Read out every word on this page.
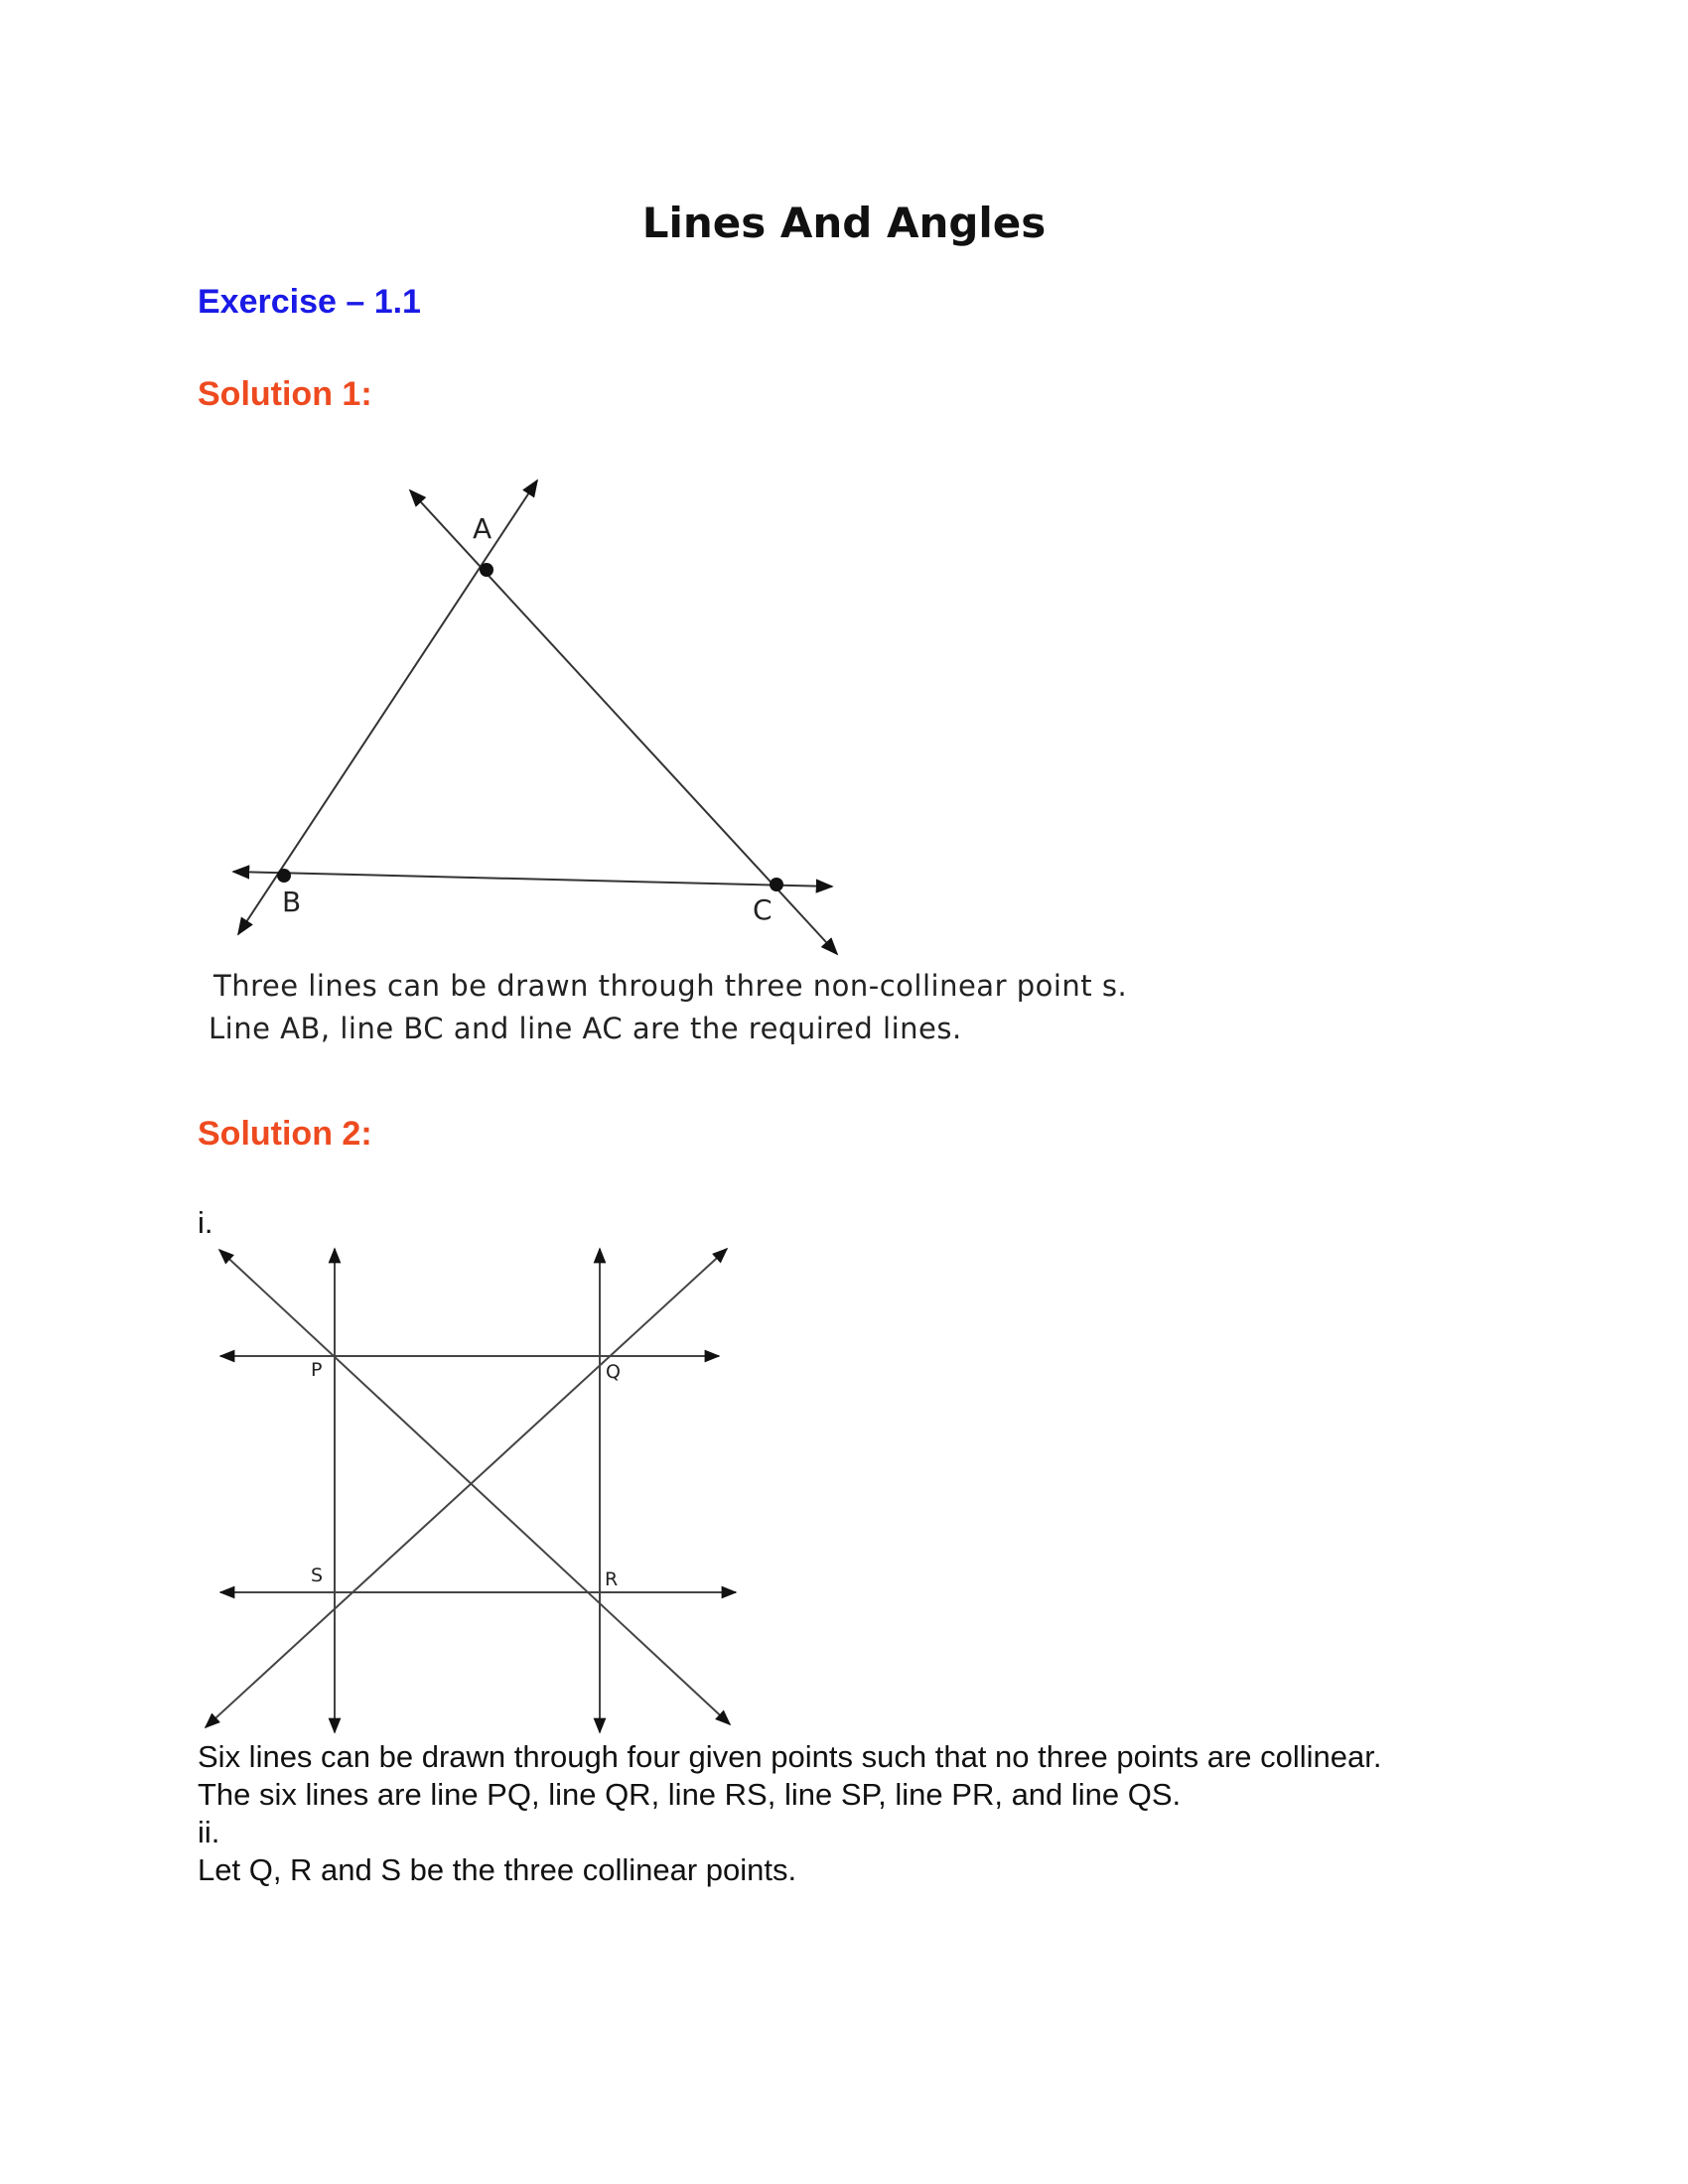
Lines And Angles
Exercise – 1.1
Solution 1:
A
B	C

Three lines can be drawn through three non-collinear point s.

Line AB, line BC and line AC are the required lines.

Solution 2:

i.

P	Q
S	R

Six lines can be drawn through four given points such that no three points are collinear.

The six lines are line PQ, line QR, line RS, line SP, line PR, and line QS.

ii.

Let Q, R and S be the three collinear points.
